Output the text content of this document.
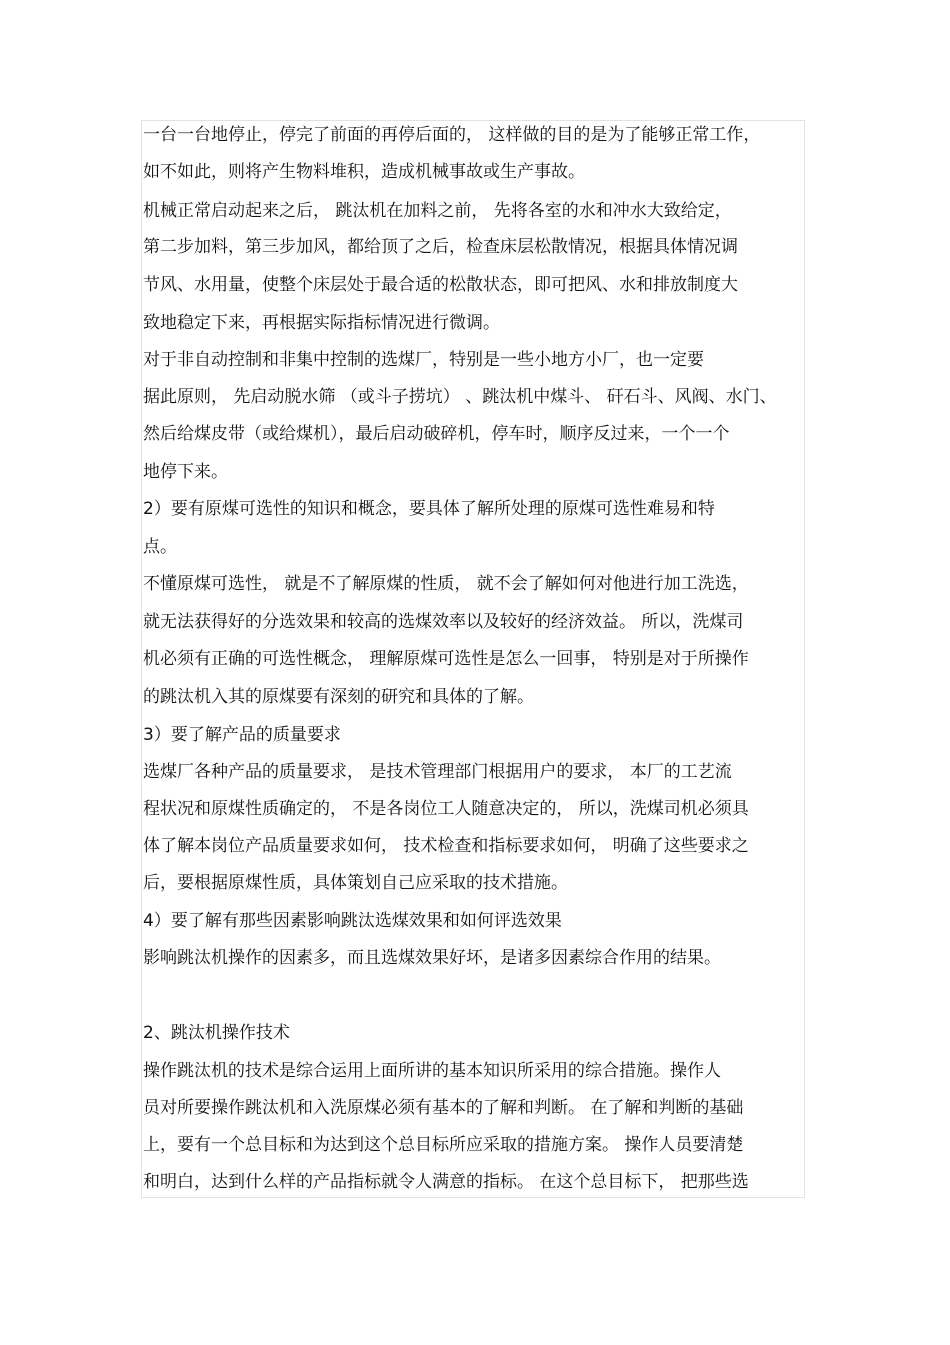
一台一台地停止，停完了前面的再停后面的， 这样做的目的是为了能够正常工作，
如不如此，则将产生物料堆积，造成机械事故或生产事故。
机械正常启动起来之后， 跳汰机在加料之前， 先将各室的水和冲水大致给定，
第二步加料，第三步加风，都给顶了之后，检查床层松散情况，根据具体情况调
节风、水用量，使整个床层处于最合适的松散状态，即可把风、水和排放制度大
致地稳定下来，再根据实际指标情况进行微调。
对于非自动控制和非集中控制的选煤厂，特别是一些小地方小厂，也一定要
据此原则， 先启动脱水筛 （或斗子捞坑） 、跳汰机中煤斗、 矸石斗、风阀、水门、
然后给煤皮带（或给煤机），最后启动破碎机，停车时，顺序反过来，一个一个
地停下来。
2）要有原煤可选性的知识和概念，要具体了解所处理的原煤可选性难易和特
点。
不懂原煤可选性， 就是不了解原煤的性质， 就不会了解如何对他进行加工洗选，
就无法获得好的分选效果和较高的选煤效率以及较好的经济效益。 所以，洗煤司
机必须有正确的可选性概念， 理解原煤可选性是怎么一回事， 特别是对于所操作
的跳汰机入其的原煤要有深刻的研究和具体的了解。
3）要了解产品的质量要求
选煤厂各种产品的质量要求， 是技术管理部门根据用户的要求， 本厂的工艺流
程状况和原煤性质确定的， 不是各岗位工人随意决定的， 所以，洗煤司机必须具
体了解本岗位产品质量要求如何， 技术检查和指标要求如何， 明确了这些要求之
后，要根据原煤性质，具体策划自己应采取的技术措施。
4）要了解有那些因素影响跳汰选煤效果和如何评选效果
影响跳汰机操作的因素多，而且选煤效果好坏，是诸多因素综合作用的结果。
2、跳汰机操作技术
操作跳汰机的技术是综合运用上面所讲的基本知识所采用的综合措施。操作人
员对所要操作跳汰机和入洗原煤必须有基本的了解和判断。 在了解和判断的基础
上，要有一个总目标和为达到这个总目标所应采取的措施方案。 操作人员要清楚
和明白，达到什么样的产品指标就令人满意的指标。 在这个总目标下， 把那些选
